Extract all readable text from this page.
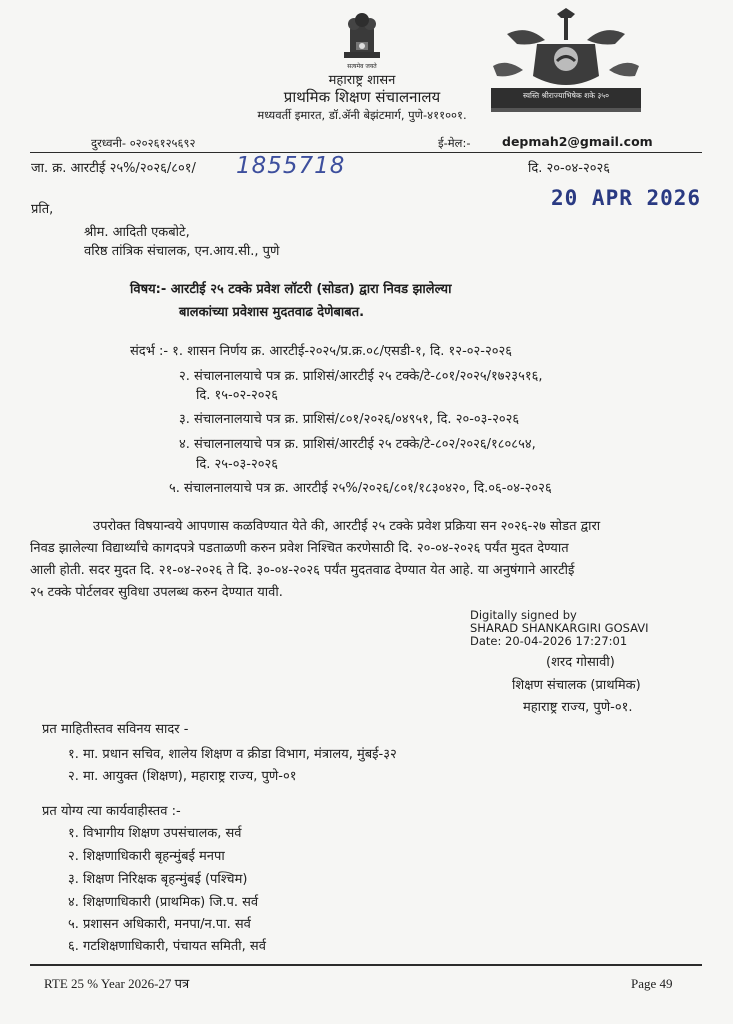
सत्यमेव जयते
महाराष्ट्र शासन
प्राथमिक शिक्षण संचालनालय
मध्यवर्ती इमारत, डॉ.ॲनी बेझंटमार्ग, पुणे-४११००१.
स्वस्ति श्रीराज्याभिषेक शके ३५०
दुरध्वनी- ०२०२६१२५६९२	ई-मेल:-	depmah2@gmail.com
जा. क्र. आरटीई २५%/२०२६/८०१/ 1855718	दि. २०-०४-२०२६
20 APR 2026
प्रति,
श्रीम. आदिती एकबोटे,
वरिष्ठ तांत्रिक संचालक, एन.आय.सी., पुणे
विषय:- आरटीई २५ टक्के प्रवेश लॉटरी (सोडत) द्वारा निवड झालेल्या
बालकांच्या प्रवेशास मुदतवाढ देणेबाबत.
संदर्भ :- १. शासन निर्णय क्र. आरटीई-२०२५/प्र.क्र.०८/एसडी-१, दि. १२-०२-२०२६
२. संचालनालयाचे पत्र क्र. प्राशिसं/आरटीई २५ टक्के/टे-८०१/२०२५/१७२३५१६,
दि. १५-०२-२०२६
३. संचालनालयाचे पत्र क्र. प्राशिसं/८०१/२०२६/०४९५१, दि. २०-०३-२०२६
४. संचालनालयाचे पत्र क्र. प्राशिसं/आरटीई २५ टक्के/टे-८०२/२०२६/१८०८५४,
दि. २५-०३-२०२६
५. संचालनालयाचे पत्र क्र. आरटीई २५%/२०२६/८०१/१८३०४२०, दि.०६-०४-२०२६
उपरोक्त विषयान्वये आपणास कळविण्यात येते की, आरटीई २५ टक्के प्रवेश प्रक्रिया सन २०२६-२७ सोडत द्वारा
निवड झालेल्या विद्यार्थ्यांचे कागदपत्रे पडताळणी करुन प्रवेश निश्चित करणेसाठी दि. २०-०४-२०२६ पर्यंत मुदत देण्यात
आली होती. सदर मुदत दि. २१-०४-२०२६ ते दि. ३०-०४-२०२६ पर्यंत मुदतवाढ देण्यात येत आहे. या अनुषंगाने आरटीई
२५ टक्के पोर्टलवर सुविधा उपलब्ध करुन देण्यात यावी.
Digitally signed by
SHARAD SHANKARGIRI GOSAVI
Date: 20-04-2026 17:27:01
(शरद गोसावी)
शिक्षण संचालक (प्राथमिक)
महाराष्ट्र राज्य, पुणे-०१.
प्रत माहितीस्तव सविनय सादर -
१. मा. प्रधान सचिव, शालेय शिक्षण व क्रीडा विभाग, मंत्रालय, मुंबई-३२
२. मा. आयुक्त (शिक्षण), महाराष्ट्र राज्य, पुणे-०१
प्रत योग्य त्या कार्यवाहीस्तव :-
१. विभागीय शिक्षण उपसंचालक, सर्व
२. शिक्षणाधिकारी बृहन्मुंबई मनपा
३. शिक्षण निरिक्षक बृहन्मुंबई (पश्चिम)
४. शिक्षणाधिकारी (प्राथमिक) जि.प. सर्व
५. प्रशासन अधिकारी, मनपा/न.पा. सर्व
६. गटशिक्षणाधिकारी, पंचायत समिती, सर्व
RTE 25 % Year 2026-27 पत्र	Page 49
